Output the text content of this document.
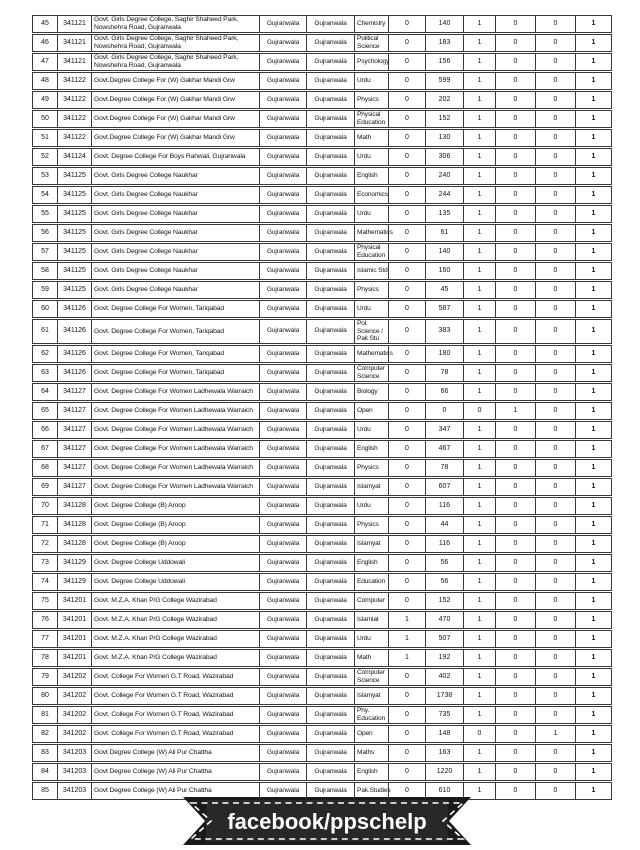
45	341121	Govt. Girls Degree College, Saghir Shaheed Park, Nowshehra Road, Gujranwala	Gujranwala	Gujranwala	Chemistry	0	140	1	0	0	1
46	341121	Govt. Girls Degree College, Saghir Shaheed Park, Nowshehra Road, Gujranwala	Gujranwala	Gujranwala	Political Science	0	183	1	0	0	1
47	341121	Govt. Girls Degree College, Saghir Shaheed Park, Nowshehra Road, Gujranwala	Gujranwala	Gujranwala	Psychology	0	156	1	0	0	1
48	341122	Govt.Degree College For (W) Gakhar Mandi Grw	Gujranwala	Gujranwala	Urdu	0	599	1	0	0	1
49	341122	Govt.Degree College For (W) Gakhar Mandi Grw	Gujranwala	Gujranwala	Physics	0	202	1	0	0	1
50	341122	Govt.Degree College For (W) Gakhar Mandi Grw	Gujranwala	Gujranwala	Physical Education	0	152	1	0	0	1
51	341122	Govt.Degree College For (W) Gakhar Mandi Grw	Gujranwala	Gujranwala	Math	0	130	1	0	0	1
52	341124	Govt. Degree College For Boys Rahwali, Gujranwala	Gujranwala	Gujranwala	Urdu	0	306	1	0	0	1
53	341125	Govt. Girls Degree College Naukhar	Gujranwala	Gujranwala	English	0	240	1	0	0	1
54	341125	Govt. Girls Degree College Naukhar	Gujranwala	Gujranwala	Economics	0	244	1	0	0	1
55	341125	Govt. Girls Degree College Naukhar	Gujranwala	Gujranwala	Urdu	0	135	1	0	0	1
56	341125	Govt. Girls Degree College Naukhar	Gujranwala	Gujranwala	Mathematics	0	61	1	0	0	1
57	341125	Govt. Girls Degree College Naukhar	Gujranwala	Gujranwala	Physical Education	0	140	1	0	0	1
58	341125	Govt. Girls Degree College Naukhar	Gujranwala	Gujranwala	Islamic Std	0	160	1	0	0	1
59	341125	Govt. Girls Degree College Naukhar	Gujranwala	Gujranwala	Physics	0	45	1	0	0	1
60	341126	Govt. Degree College For Women, Tariqabad	Gujranwala	Gujranwala	Urdu	0	587	1	0	0	1
61	341126	Govt. Degree College For Women, Tariqabad	Gujranwala	Gujranwala	Pol. Science / Pak Stu	0	383	1	0	0	1
62	341126	Govt. Degree College For Women, Tariqabad	Gujranwala	Gujranwala	Mathematics	0	180	1	0	0	1
63	341126	Govt. Degree College For Women, Tariqabad	Gujranwala	Gujranwala	Computer Science	0	78	1	0	0	1
64	341127	Govt. Degree College For Women Ladhewala Warraich	Gujranwala	Gujranwala	Biology	0	66	1	0	0	1
65	341127	Govt. Degree College For Women Ladhewala Warraich	Gujranwala	Gujranwala	Open	0	0	0	1	0	1
66	341127	Govt. Degree College For Women Ladhewala Warraich	Gujranwala	Gujranwala	Urdu	0	347	1	0	0	1
67	341127	Govt. Degree College For Women Ladhewala Warraich	Gujranwala	Gujranwala	English	0	467	1	0	0	1
68	341127	Govt. Degree College For Women Ladhewala Warraich	Gujranwala	Gujranwala	Physics	0	78	1	0	0	1
69	341127	Govt. Degree College For Women Ladhewala Warraich	Gujranwala	Gujranwala	Islamyat	0	607	1	0	0	1
70	341128	Govt. Degree College (B) Aroop	Gujranwala	Gujranwala	Urdu	0	116	1	0	0	1
71	341128	Govt. Degree College (B) Aroop	Gujranwala	Gujranwala	Physics	0	44	1	0	0	1
72	341128	Govt. Degree College (B) Aroop	Gujranwala	Gujranwala	Islamyat	0	116	1	0	0	1
73	341129	Govt. Degree College Uddowali	Gujranwala	Gujranwala	English	0	56	1	0	0	1
74	341129	Govt. Degree College Uddowali	Gujranwala	Gujranwala	Education	0	56	1	0	0	1
75	341201	Govt. M.Z.A. Khan P/G College Wazirabad	Gujranwala	Gujranwala	Computer	0	152	1	0	0	1
76	341201	Govt. M.Z.A. Khan P/G College Wazirabad	Gujranwala	Gujranwala	Islamiat	1	470	1	0	0	1
77	341201	Govt. M.Z.A. Khan P/G College Wazirabad	Gujranwala	Gujranwala	Urdu	1	507	1	0	0	1
78	341201	Govt. M.Z.A. Khan P/G College Wazirabad	Gujranwala	Gujranwala	Math	1	192	1	0	0	1
79	341202	Govt. College For Women G.T Road, Wazirabad	Gujranwala	Gujranwala	Computer Science	0	402	1	0	0	1
80	341202	Govt. College For Women G.T Road, Wazirabad	Gujranwala	Gujranwala	Islamyat	0	1738	1	0	0	1
81	341202	Govt. College For Women G.T Road, Wazirabad	Gujranwala	Gujranwala	Phy. Education	0	735	1	0	0	1
82	341202	Govt. College For Women G.T Road, Wazirabad	Gujranwala	Gujranwala	Open	0	148	0	0	1	1
83	341203	Govt Degree College (W) Ali Pur Chattha	Gujranwala	Gujranwala	Maths	0	163	1	0	0	1
84	341203	Govt Degree College (W) Ali Pur Chattha	Gujranwala	Gujranwala	English	0	1220	1	0	0	1
85	341203	Govt Degree College (W) Ali Pur Chattha	Gujranwala	Gujranwala	Pak.Studies	0	610	1	0	0	1
facebook/ppschelp
